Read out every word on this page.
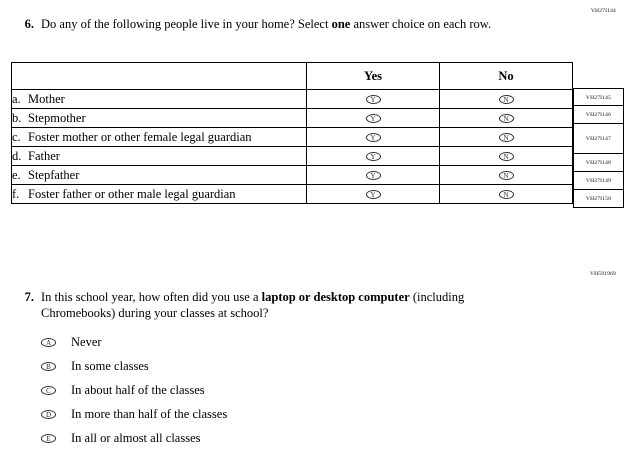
VH27I144
6. Do any of the following people live in your home? Select one answer choice on each row.
	Yes	No

a. Mother	Y	N

b. Stepmother	Y	N

c. Foster mother or other female legal guardian	Y	N

d. Father	Y	N

e. Stepfather	Y	N

f. Foster father or other male legal guardian	Y	N
VH27I145
VH27I146
VH27I147
VH27I148
VH27I149
VH27I150
VH591969
7. In this school year, how often did you use a laptop or desktop computer (including Chromebooks) during your classes at school?
A	Never
B	In some classes
C	In about half of the classes
D	In more than half of the classes
E	In all or almost all classes
